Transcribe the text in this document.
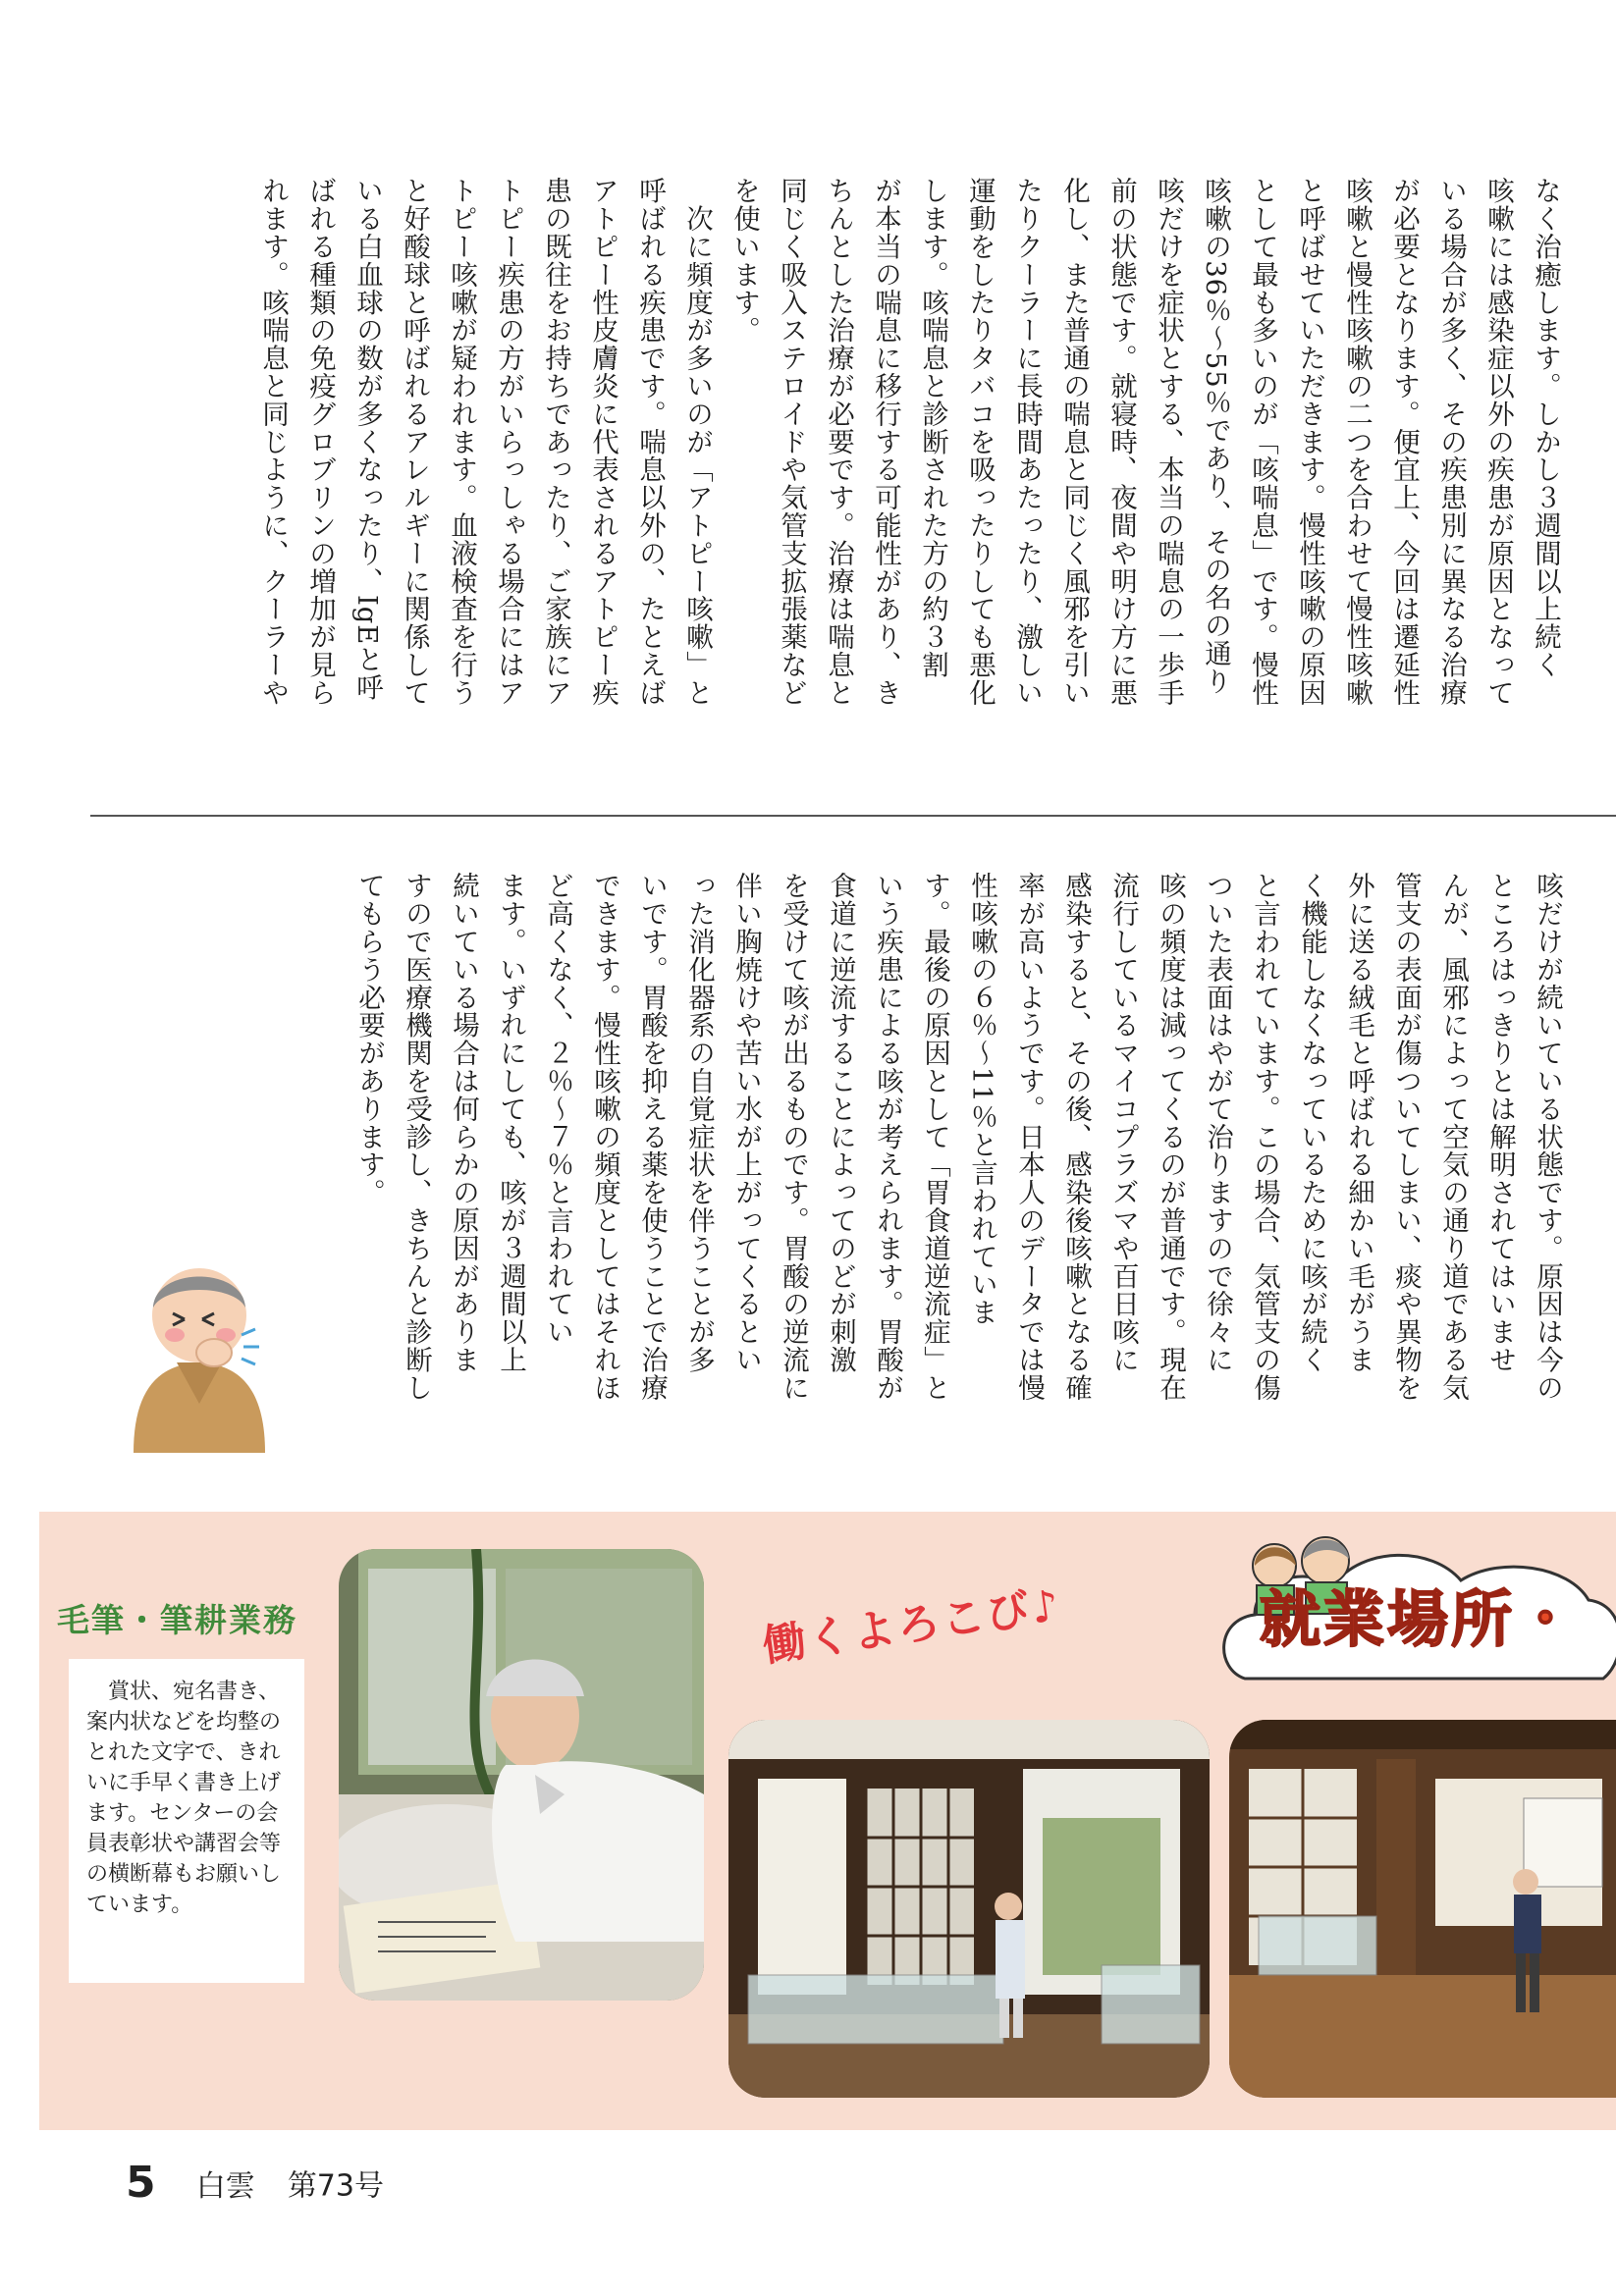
なく治癒します。しかし３週間以上続く
咳嗽には感染症以外の疾患が原因となって
いる場合が多く、その疾患別に異なる治療
が必要となります。便宜上、今回は遷延性
咳嗽と慢性咳嗽の二つを合わせて慢性咳嗽
と呼ばせていただきます。慢性咳嗽の原因
として最も多いのが「咳喘息」です。慢性
咳嗽の36％〜55％であり、その名の通り
咳だけを症状とする、本当の喘息の一歩手
前の状態です。就寝時、夜間や明け方に悪
化し、また普通の喘息と同じく風邪を引い
たりクーラーに長時間あたったり、激しい
運動をしたりタバコを吸ったりしても悪化
します。咳喘息と診断された方の約３割
が本当の喘息に移行する可能性があり、き
ちんとした治療が必要です。治療は喘息と
同じく吸入ステロイドや気管支拡張薬など
を使います。
　次に頻度が多いのが「アトピー咳嗽」と
呼ばれる疾患です。喘息以外の、たとえば
アトピー性皮膚炎に代表されるアトピー疾
患の既往をお持ちであったり、ご家族にア
トピー疾患の方がいらっしゃる場合にはア
トピー咳嗽が疑われます。血液検査を行う
と好酸球と呼ばれるアレルギーに関係して
いる白血球の数が多くなったり、IgEと呼
ばれる種類の免疫グロブリンの増加が見ら
れます。咳喘息と同じように、クーラーや
咳だけが続いている状態です。原因は今の
ところはっきりとは解明されてはいませ
んが、風邪によって空気の通り道である気
管支の表面が傷ついてしまい、痰や異物を
外に送る絨毛と呼ばれる細かい毛がうま
く機能しなくなっているために咳が続く
と言われています。この場合、気管支の傷
ついた表面はやがて治りますので徐々に
咳の頻度は減ってくるのが普通です。現在
流行しているマイコプラズマや百日咳に
感染すると、その後、感染後咳嗽となる確
率が高いようです。日本人のデータでは慢
性咳嗽の６％〜11％と言われていま
す。最後の原因として「胃食道逆流症」と
いう疾患による咳が考えられます。胃酸が
食道に逆流することによってのどが刺激
を受けて咳が出るものです。胃酸の逆流に
伴い胸焼けや苦い水が上がってくるとい
った消化器系の自覚症状を伴うことが多
いです。胃酸を抑える薬を使うことで治療
できます。慢性咳嗽の頻度としてはそれほ
ど高くなく、２％〜７％と言われてい
ます。いずれにしても、咳が３週間以上
続いている場合は何らかの原因がありま
すので医療機関を受診し、きちんと診断し
てもらう必要があります。
毛筆・筆耕業務
賞状、宛名書き、案内状などを均整のとれた文字で、きれいに手早く書き上げます。センターの会員表彰状や講習会等の横断幕もお願いしています。
働くよろこび♪	就業場所・
5 白雲 第73号
